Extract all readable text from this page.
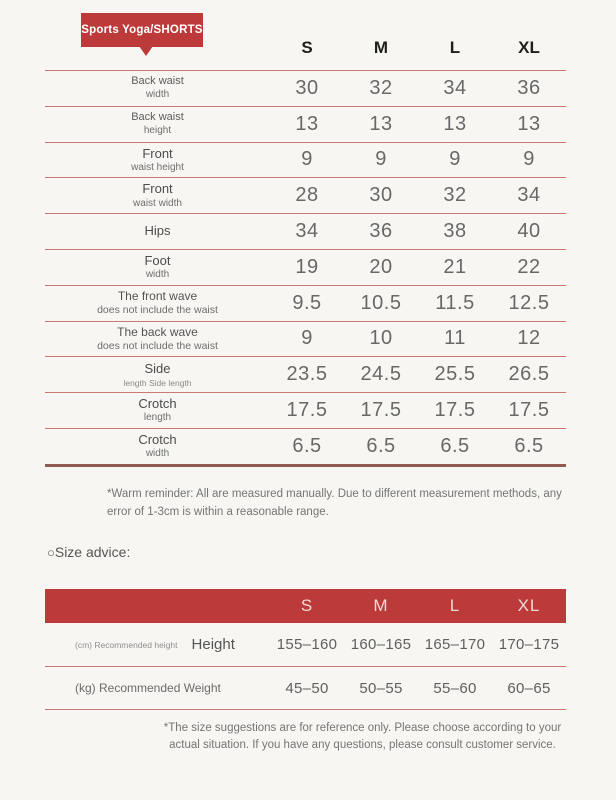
Sports Yoga/SHORTS
S	M	L	XL
Back waist
width	30	32	34	36
Back waist
height	13	13	13	13
Front
waist height	9	9	9	9
Front
waist width	28	30	32	34
Hips	34	36	38	40
Foot
width	19	20	21	22
The front wave
does not include the waist	9.5	10.5	11.5	12.5
The back wave
does not include the waist	9	10	11	12
Side
length Side length	23.5	24.5	25.5	26.5
Crotch
length	17.5	17.5	17.5	17.5
Crotch
width	6.5	6.5	6.5	6.5
*Warm reminder: All are measured manually. Due to different measurement methods, any error of 1-3cm is within a reasonable range.
○Size advice:
S	M	L	XL
(cm) Recommended height Height	155–160 160–165 165–170 170–175
(kg) Recommended Weight	45–50	50–55	55–60	60–65
*The size suggestions are for reference only. Please choose according to your actual situation. If you have any questions, please consult customer service.
